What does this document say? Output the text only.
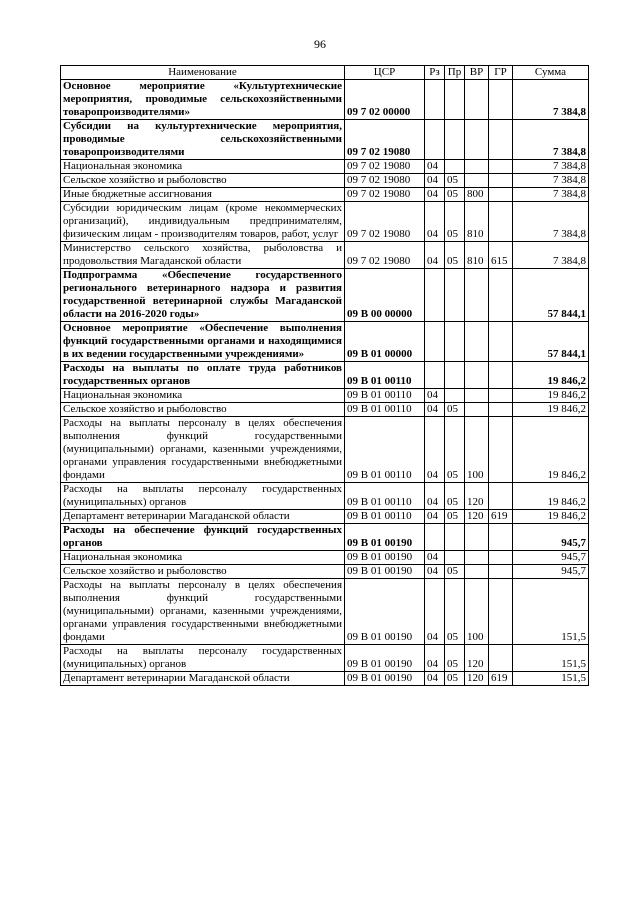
96
Наименование	ЦСР	Рз	Пр	ВР	ГР	Сумма
Основное мероприятие «Культуртехнические мероприятия, проводимые сельскохозяйственными товаропроизводителями»	09 7 02 00000					7 384,8
Субсидии на культуртехнические мероприятия, проводимые сельскохозяйственными товаропроизводителями	09 7 02 19080					7 384,8
Национальная экономика	09 7 02 19080	04				7 384,8
Сельское хозяйство и рыболовство	09 7 02 19080	04	05			7 384,8
Иные бюджетные ассигнования	09 7 02 19080	04	05	800		7 384,8
Субсидии юридическим лицам (кроме некоммерческих организаций), индивидуальным предпринимателям, физическим лицам - производителям товаров, работ, услуг	09 7 02 19080	04	05	810		7 384,8
Министерство сельского хозяйства, рыболовства и продовольствия Магаданской области	09 7 02 19080	04	05	810	615	7 384,8
Подпрограмма «Обеспечение государственного регионального ветеринарного надзора и развития государственной ветеринарной службы Магаданской области на 2016-2020 годы»	09 В 00 00000					57 844,1
Основное мероприятие «Обеспечение выполнения функций государственными органами и находящимися в их ведении государственными учреждениями»	09 В 01 00000					57 844,1
Расходы на выплаты по оплате труда работников государственных органов	09 В 01 00110					19 846,2
Национальная экономика	09 В 01 00110	04				19 846,2
Сельское хозяйство и рыболовство	09 В 01 00110	04	05			19 846,2
Расходы на выплаты персоналу в целях обеспечения выполнения функций государственными (муниципальными) органами, казенными учреждениями, органами управления государственными внебюджетными фондами	09 В 01 00110	04	05	100		19 846,2
Расходы на выплаты персоналу государственных (муниципальных) органов	09 В 01 00110	04	05	120		19 846,2
Департамент ветеринарии Магаданской области	09 В 01 00110	04	05	120	619	19 846,2
Расходы на обеспечение функций государственных органов	09 В 01 00190					945,7
Национальная экономика	09 В 01 00190	04				945,7
Сельское хозяйство и рыболовство	09 В 01 00190	04	05			945,7
Расходы на выплаты персоналу в целях обеспечения выполнения функций государственными (муниципальными) органами, казенными учреждениями, органами управления государственными внебюджетными фондами	09 В 01 00190	04	05	100		151,5
Расходы на выплаты персоналу государственных (муниципальных) органов	09 В 01 00190	04	05	120		151,5
Департамент ветеринарии Магаданской области	09 В 01 00190	04	05	120	619	151,5
